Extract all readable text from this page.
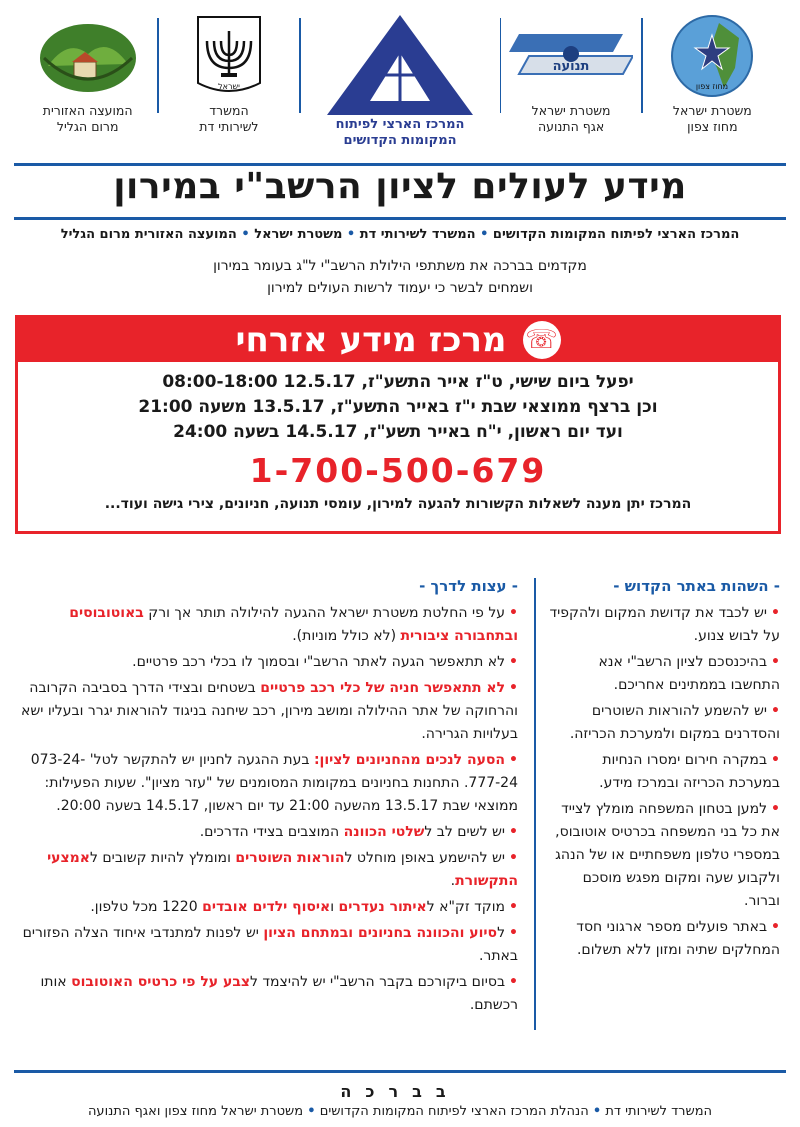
מחוז צפון
משטרת ישראל
מחוז צפון
תנועה
משטרת ישראל
אגף התנועה
המרכז הארצי לפיתוח
המקומות הקדושים
ישראל
המשרד
לשירותי דת
המועצה האזורית
מרום הגליל
מידע לעולים לציון הרשב"י במירון
המרכז הארצי לפיתוח המקומות הקדושים • המשרד לשירותי דת • משטרת ישראל • המועצה האזורית מרום הגליל
מקדמים בברכה את משתתפי הילולת הרשב"י ל"ג בעומר במירון
ושמחים לבשר כי יעמוד לרשות העולים למירון
☏
מרכז מידע אזרחי
יפעל ביום שישי, ט"ז אייר התשע"ז, 12.5.17 08:00-18:00
וכן ברצף ממוצאי שבת י"ז באייר התשע"ז, 13.5.17 משעה 21:00
ועד יום ראשון, י"ח באייר תשע"ז, 14.5.17 בשעה 24:00
1-700-500-679
המרכז יתן מענה לשאלות הקשורות להגעה למירון, עומסי תנועה, חניונים, צירי גישה ועוד...
- השהות באתר הקדוש -
•יש לכבד את קדושת המקום ולהקפיד על לבוש צנוע.
•בהיכנסכם לציון הרשב"י אנא התחשבו בממתינים אחריכם.
•יש להשמע להוראות השוטרים והסדרנים במקום ולמערכת הכריזה.
•במקרה חירום ימסרו הנחיות במערכת הכריזה ובמרכז מידע.
•למען בטחון המשפחה מומלץ לצייד את כל בני המשפחה בכרטיס אוטובוס, במספרי טלפון משפחתיים או של הנהג ולקבוע שעה ומקום מפגש מוסכם וברור.
•באתר פועלים מספר ארגוני חסד המחלקים שתיה ומזון ללא תשלום.
- עצות לדרך -
•על פי החלטת משטרת ישראל ההגעה להילולה תותר אך ורק באוטובוסים ובתחבורה ציבורית (לא כולל מוניות).
•לא תתאפשר הגעה לאתר הרשב"י ובסמוך לו בכלי רכב פרטיים.
•לא תתאפשר חניה של כלי רכב פרטיים בשטחים ובצידי הדרך בסביבה הקרובה והרחוקה של אתר ההילולה ומושב מירון, רכב שיחנה בניגוד להוראות יגרר ובעליו ישא בעלויות הגרירה.
•הסעה לנכים מהחניונים לציון: בעת ההגעה לחניון יש להתקשר לטל' 073-24-777-24. התחנות בחניונים במקומות המסומנים של "עזר מציון". שעות הפעילות: ממוצאי שבת 13.5.17 מהשעה 21:00 עד יום ראשון, 14.5.17 בשעה 20:00.
•יש לשים לב לשלטי הכוונה המוצבים בצידי הדרכים.
•יש להישמע באופן מוחלט להוראות השוטרים ומומלץ להיות קשובים לאמצעי התקשורת.
•מוקד זק"א לאיתור נעדרים ואיסוף ילדים אובדים 1220 מכל טלפון.
•לסיוע והכוונה בחניונים ובמתחם הציון יש לפנות למתנדבי איחוד הצלה הפזורים באתר.
•בסיום ביקורכם בקבר הרשב"י יש להיצמד לצבע על פי כרטיס האוטובוס אותו רכשתם.
בברכה
המשרד לשירותי דת • הנהלת המרכז הארצי לפיתוח המקומות הקדושים • משטרת ישראל מחוז צפון ואגף התנועה
